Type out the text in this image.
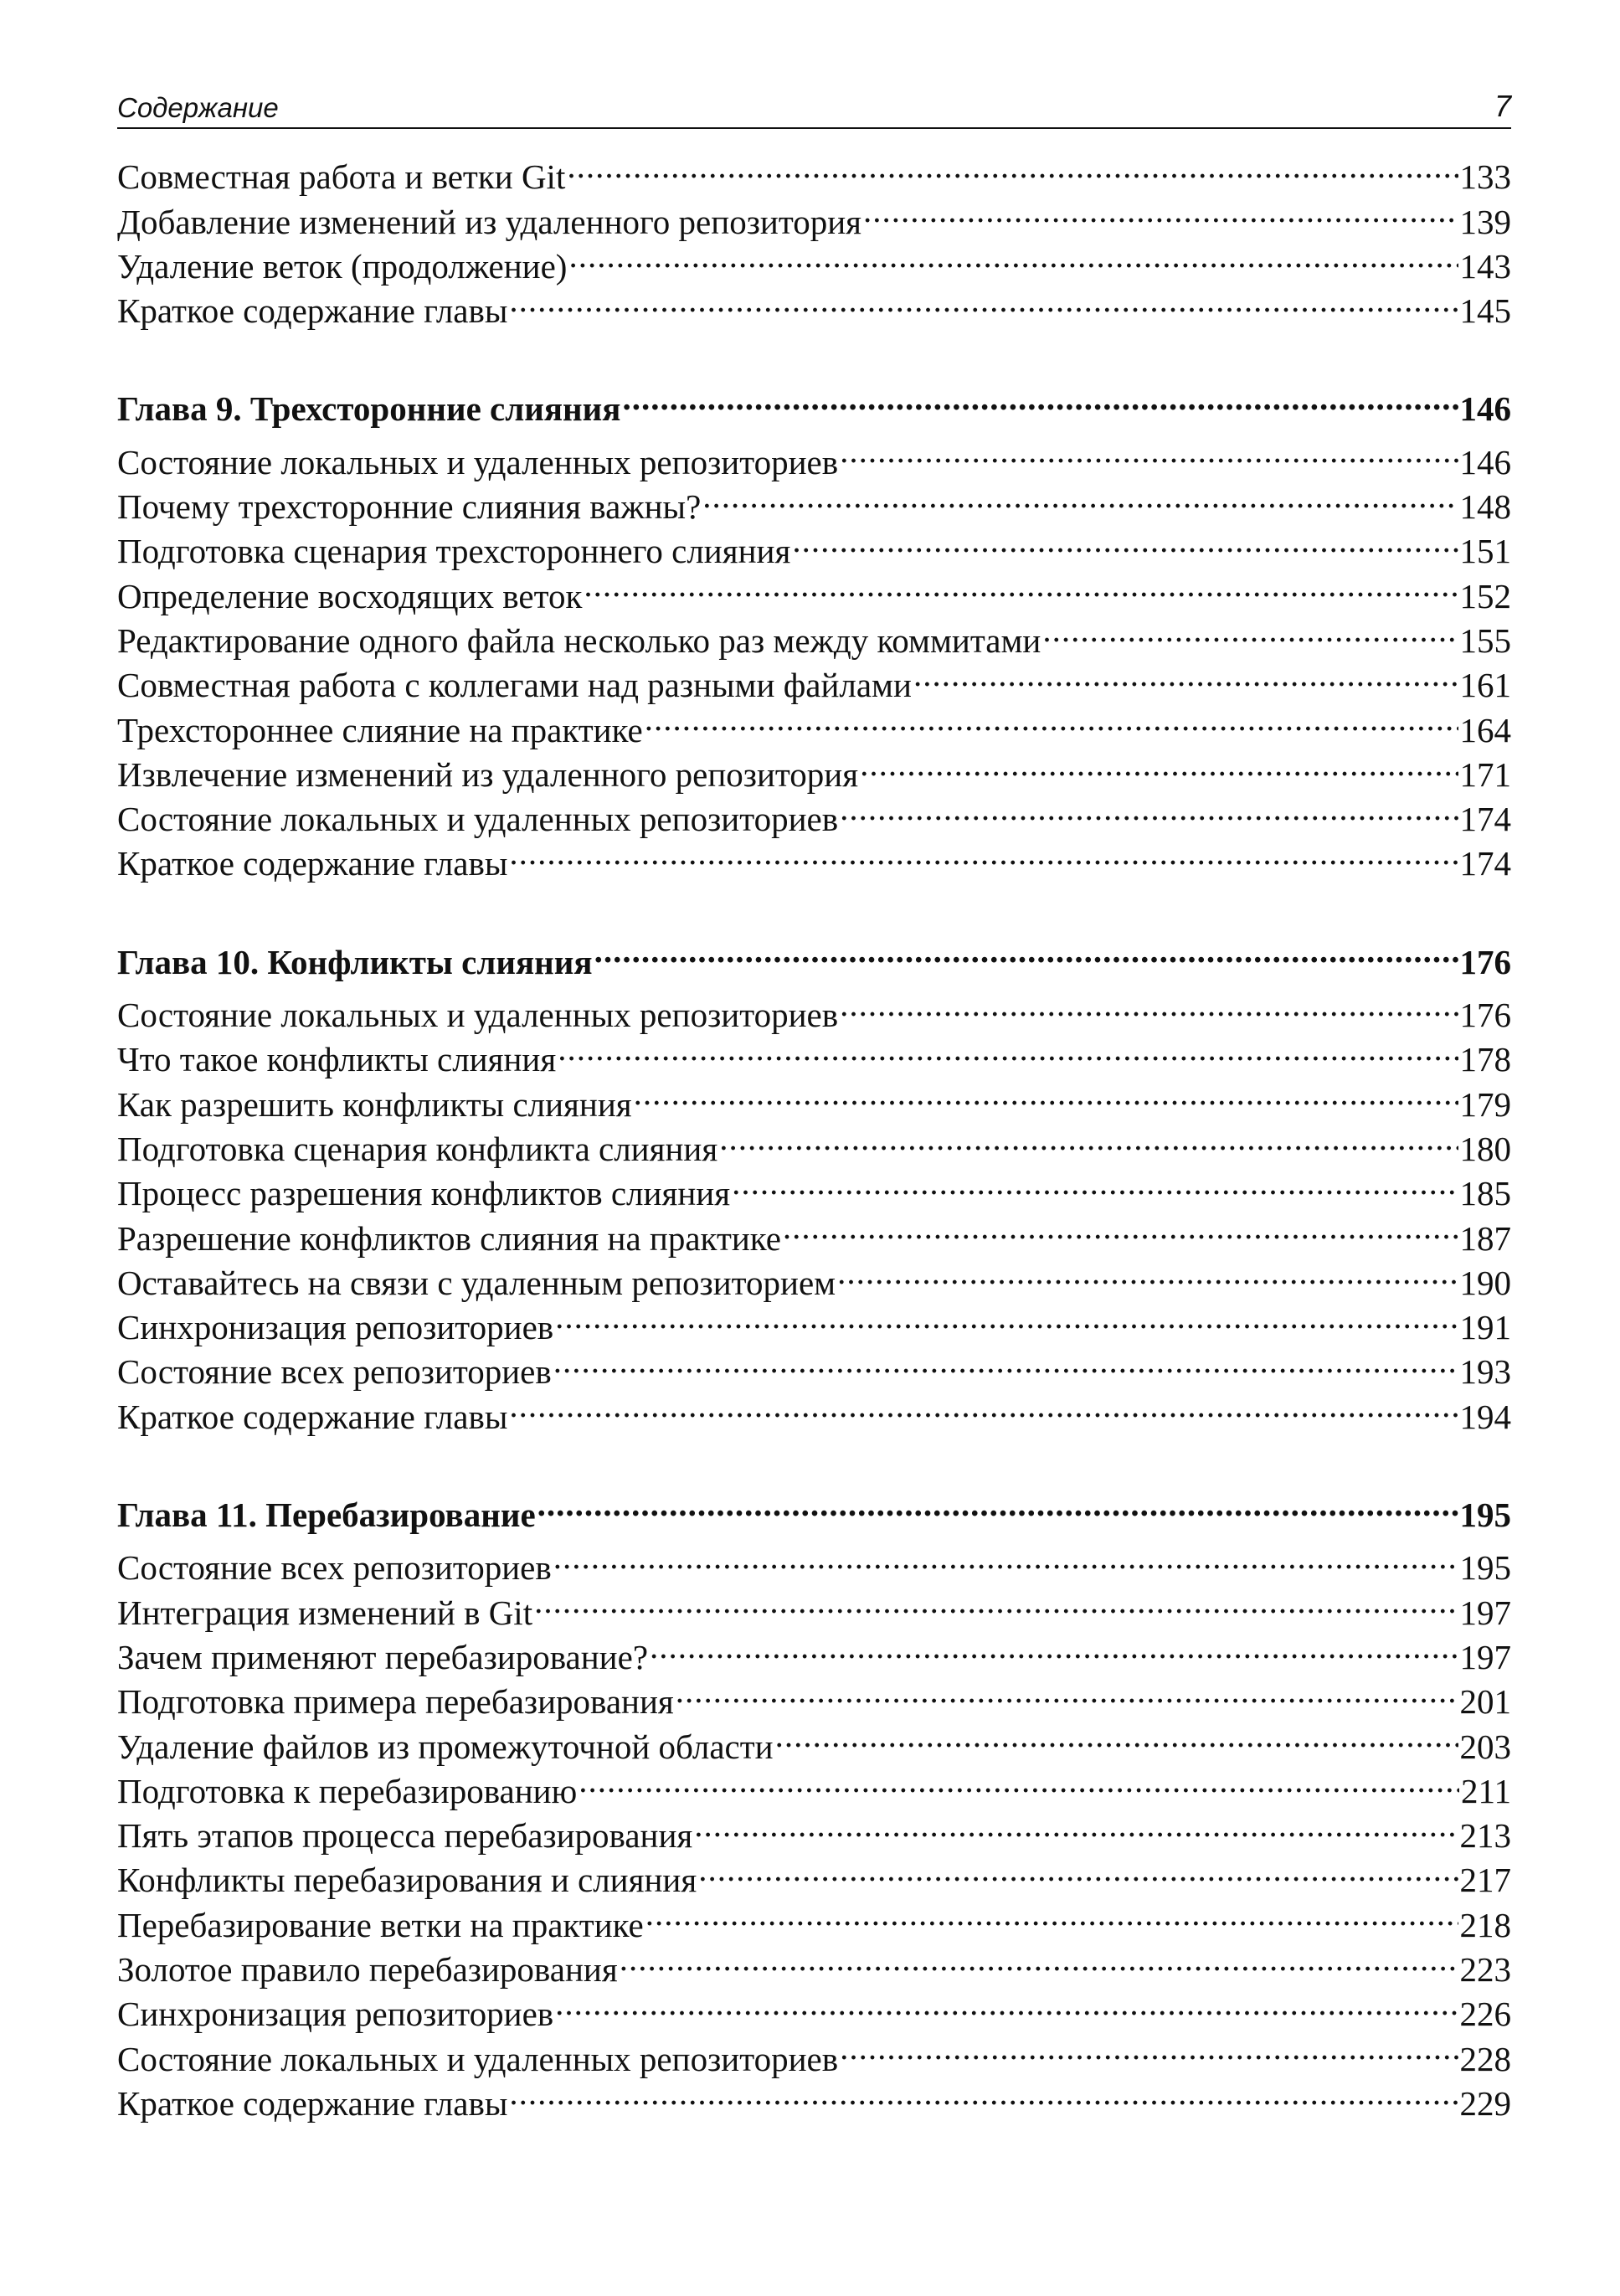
Содержание	7
Совместная работа и ветки Git .....	133
Добавление изменений из удаленного репозитория .....	139
Удаление веток (продолжение) .....	143
Краткое содержание главы .....	145
Глава 9. Трехсторонние слияния .....	146
Состояние локальных и удаленных репозиториев .....	146
Почему трехсторонние слияния важны? .....	148
Подготовка сценария трехстороннего слияния .....	151
Определение восходящих веток .....	152
Редактирование одного файла несколько раз между коммитами .....	155
Совместная работа с коллегами над разными файлами .....	161
Трехстороннее слияние на практике .....	164
Извлечение изменений из удаленного репозитория .....	171
Состояние локальных и удаленных репозиториев .....	174
Краткое содержание главы .....	174
Глава 10. Конфликты слияния .....	176
Состояние локальных и удаленных репозиториев .....	176
Что такое конфликты слияния .....	178
Как разрешить конфликты слияния .....	179
Подготовка сценария конфликта слияния .....	180
Процесс разрешения конфликтов слияния .....	185
Разрешение конфликтов слияния на практике .....	187
Оставайтесь на связи с удаленным репозиторием .....	190
Синхронизация репозиториев .....	191
Состояние всех репозиториев .....	193
Краткое содержание главы .....	194
Глава 11. Перебазирование .....	195
Состояние всех репозиториев .....	195
Интеграция изменений в Git .....	197
Зачем применяют перебазирование? .....	197
Подготовка примера перебазирования .....	201
Удаление файлов из промежуточной области .....	203
Подготовка к перебазированию .....	211
Пять этапов процесса перебазирования .....	213
Конфликты перебазирования и слияния .....	217
Перебазирование ветки на практике .....	218
Золотое правило перебазирования .....	223
Синхронизация репозиториев .....	226
Состояние локальных и удаленных репозиториев .....	228
Краткое содержание главы .....	229
